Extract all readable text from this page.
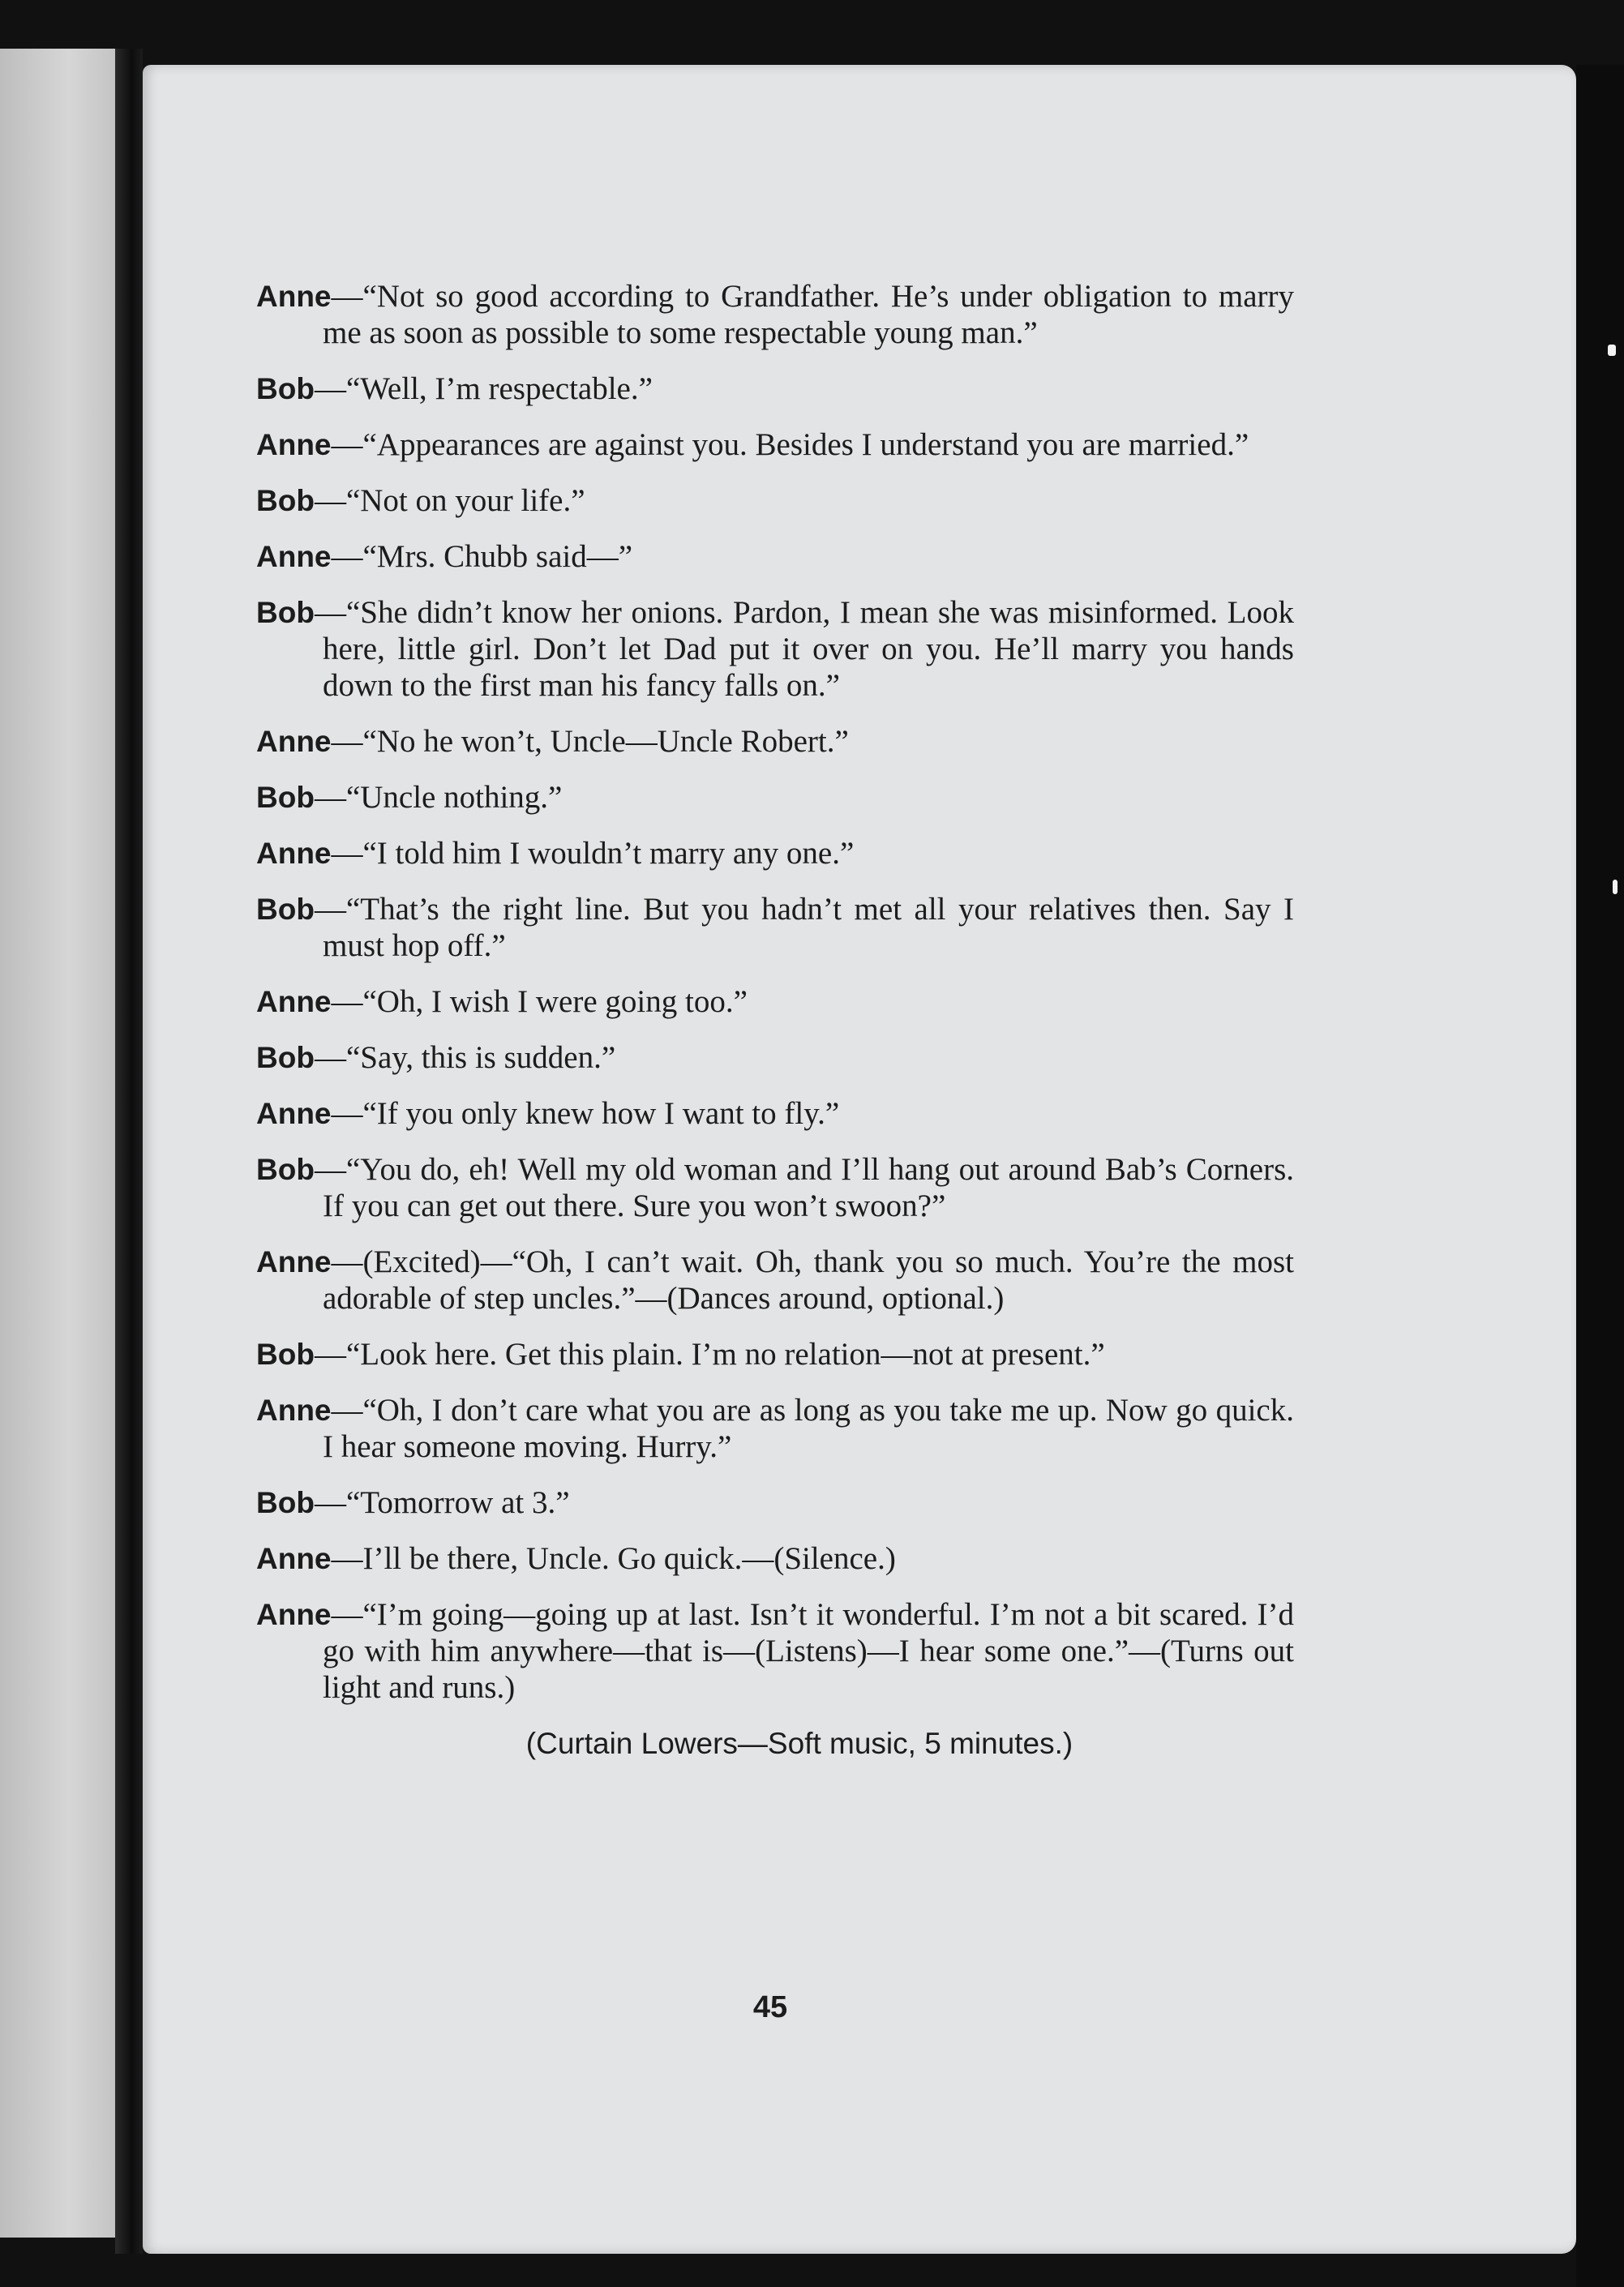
Anne—“Not so good according to Grandfather. He’s under obligation to marry me as soon as possible to some respectable young man.”

Bob—“Well, I’m respectable.”

Anne—“Appearances are against you. Besides I understand you are married.”

Bob—“Not on your life.”

Anne—“Mrs. Chubb said—”

Bob—“She didn’t know her onions. Pardon, I mean she was misinformed. Look here, little girl. Don’t let Dad put it over on you. He’ll marry you hands down to the first man his fancy falls on.”

Anne—“No he won’t, Uncle—Uncle Robert.”

Bob—“Uncle nothing.”

Anne—“I told him I wouldn’t marry any one.”

Bob—“That’s the right line. But you hadn’t met all your relatives then. Say I must hop off.”

Anne—“Oh, I wish I were going too.”

Bob—“Say, this is sudden.”

Anne—“If you only knew how I want to fly.”

Bob—“You do, eh! Well my old woman and I’ll hang out around Bab’s Corners. If you can get out there. Sure you won’t swoon?”

Anne—(Excited)—“Oh, I can’t wait. Oh, thank you so much. You’re the most adorable of step uncles.”—(Dances around, optional.)

Bob—“Look here. Get this plain. I’m no relation—not at present.”

Anne—“Oh, I don’t care what you are as long as you take me up. Now go quick. I hear someone moving. Hurry.”

Bob—“Tomorrow at 3.”

Anne—I’ll be there, Uncle. Go quick.—(Silence.)

Anne—“I’m going—going up at last. Isn’t it wonderful. I’m not a bit scared. I’d go with him anywhere—that is—(Listens)—I hear some one.”—(Turns out light and runs.)

(Curtain Lowers—Soft music, 5 minutes.)

45
